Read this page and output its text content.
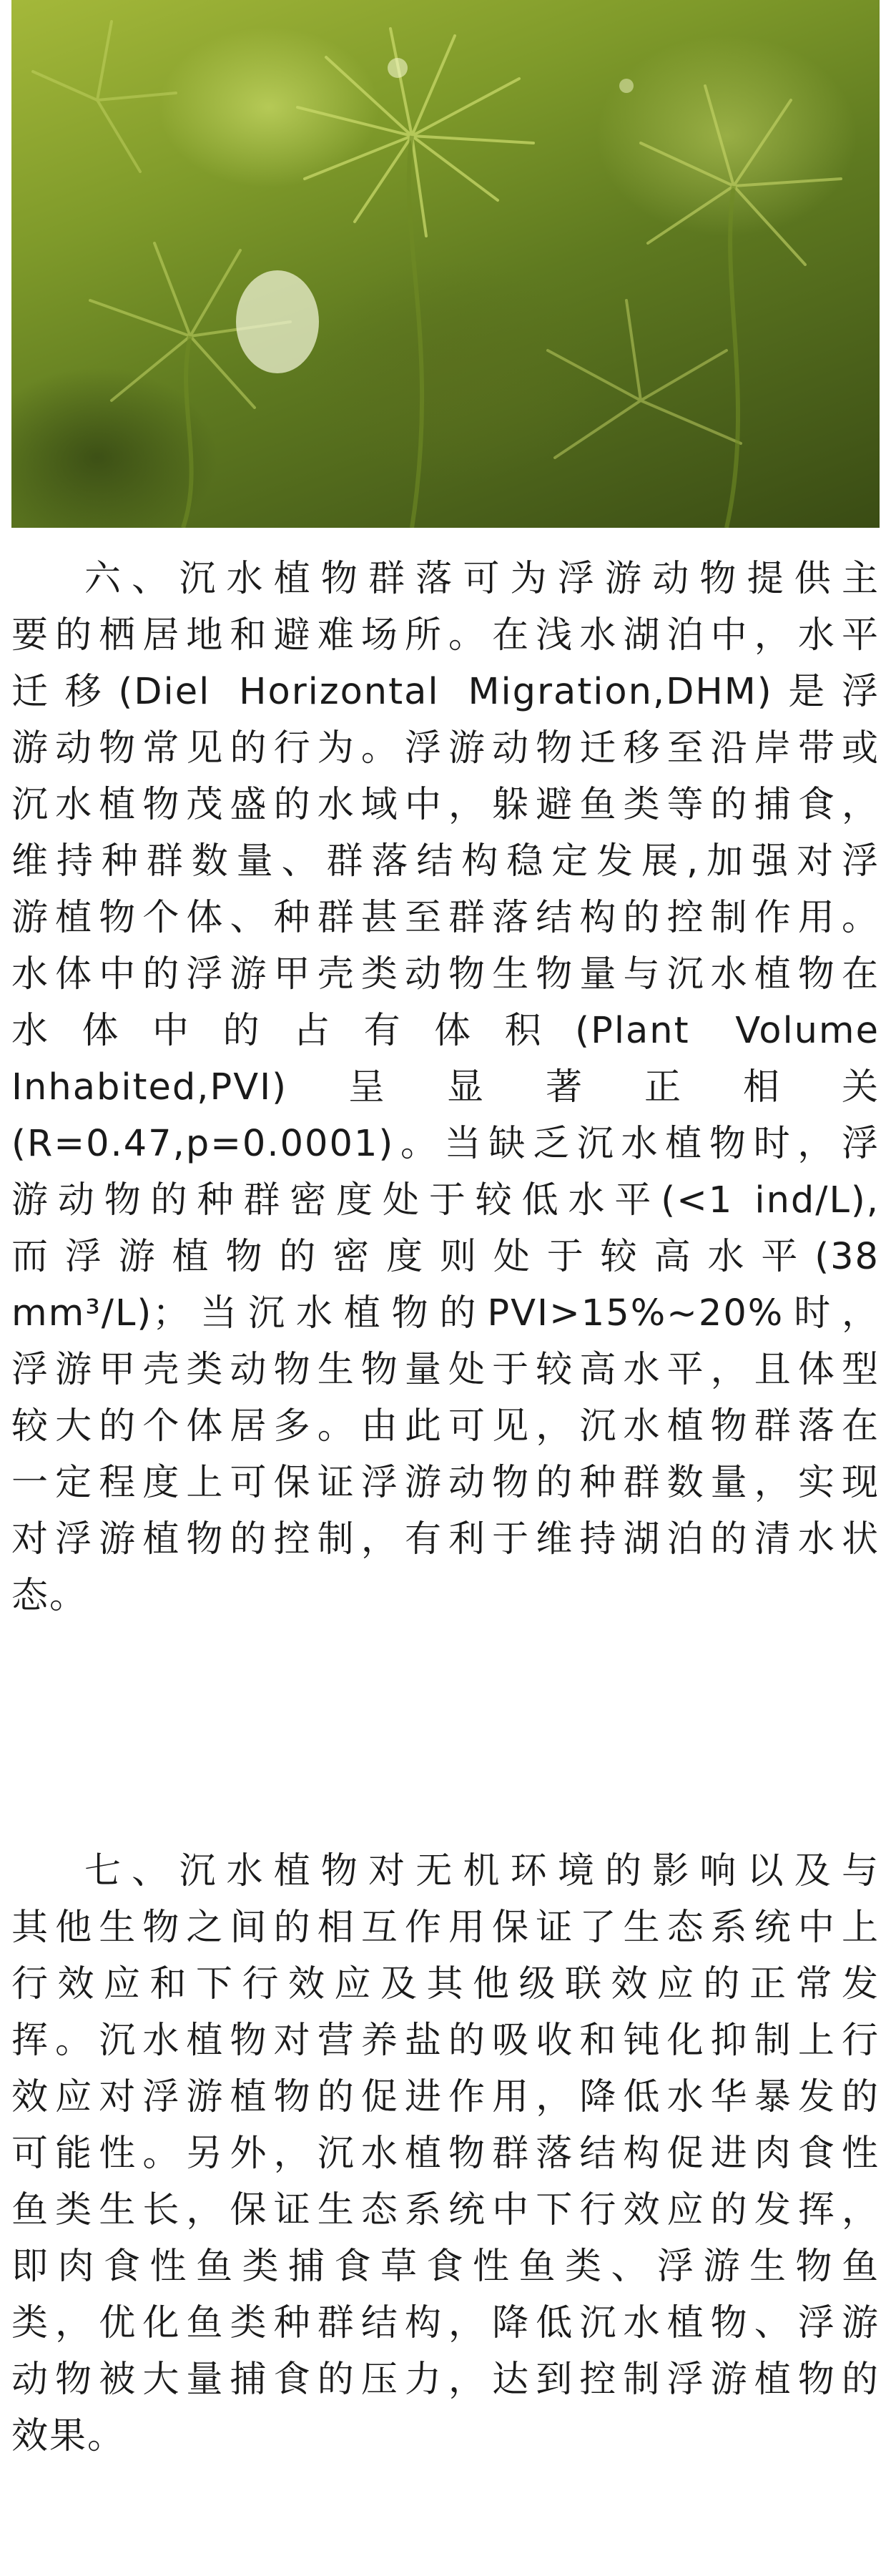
六、沉水植物群落可为浮游动物提供主
要的栖居地和避难场所。在浅水湖泊中，水平
迁移(Diel Horizontal Migration,DHM)是浮
游动物常见的行为。浮游动物迁移至沿岸带或
沉水植物茂盛的水域中，躲避鱼类等的捕食，
维持种群数量、群落结构稳定发展,加强对浮
游植物个体、种群甚至群落结构的控制作用。
水体中的浮游甲壳类动物生物量与沉水植物在
水体中的占有体积(Plant Volume
Inhabited,PVI)呈显著正相关
(R=0.47,p=0.0001)。当缺乏沉水植物时，浮
游动物的种群密度处于较低水平(<1 ind/L),
而浮游植物的密度则处于较高水平(38
mm³/L)；当沉水植物的PVI>15%~20%时，
浮游甲壳类动物生物量处于较高水平，且体型
较大的个体居多。由此可见，沉水植物群落在
一定程度上可保证浮游动物的种群数量，实现
对浮游植物的控制，有利于维持湖泊的清水状
态。
七、沉水植物对无机环境的影响以及与
其他生物之间的相互作用保证了生态系统中上
行效应和下行效应及其他级联效应的正常发
挥。沉水植物对营养盐的吸收和钝化抑制上行
效应对浮游植物的促进作用，降低水华暴发的
可能性。另外，沉水植物群落结构促进肉食性
鱼类生长，保证生态系统中下行效应的发挥，
即肉食性鱼类捕食草食性鱼类、浮游生物鱼
类，优化鱼类种群结构，降低沉水植物、浮游
动物被大量捕食的压力，达到控制浮游植物的
效果。
